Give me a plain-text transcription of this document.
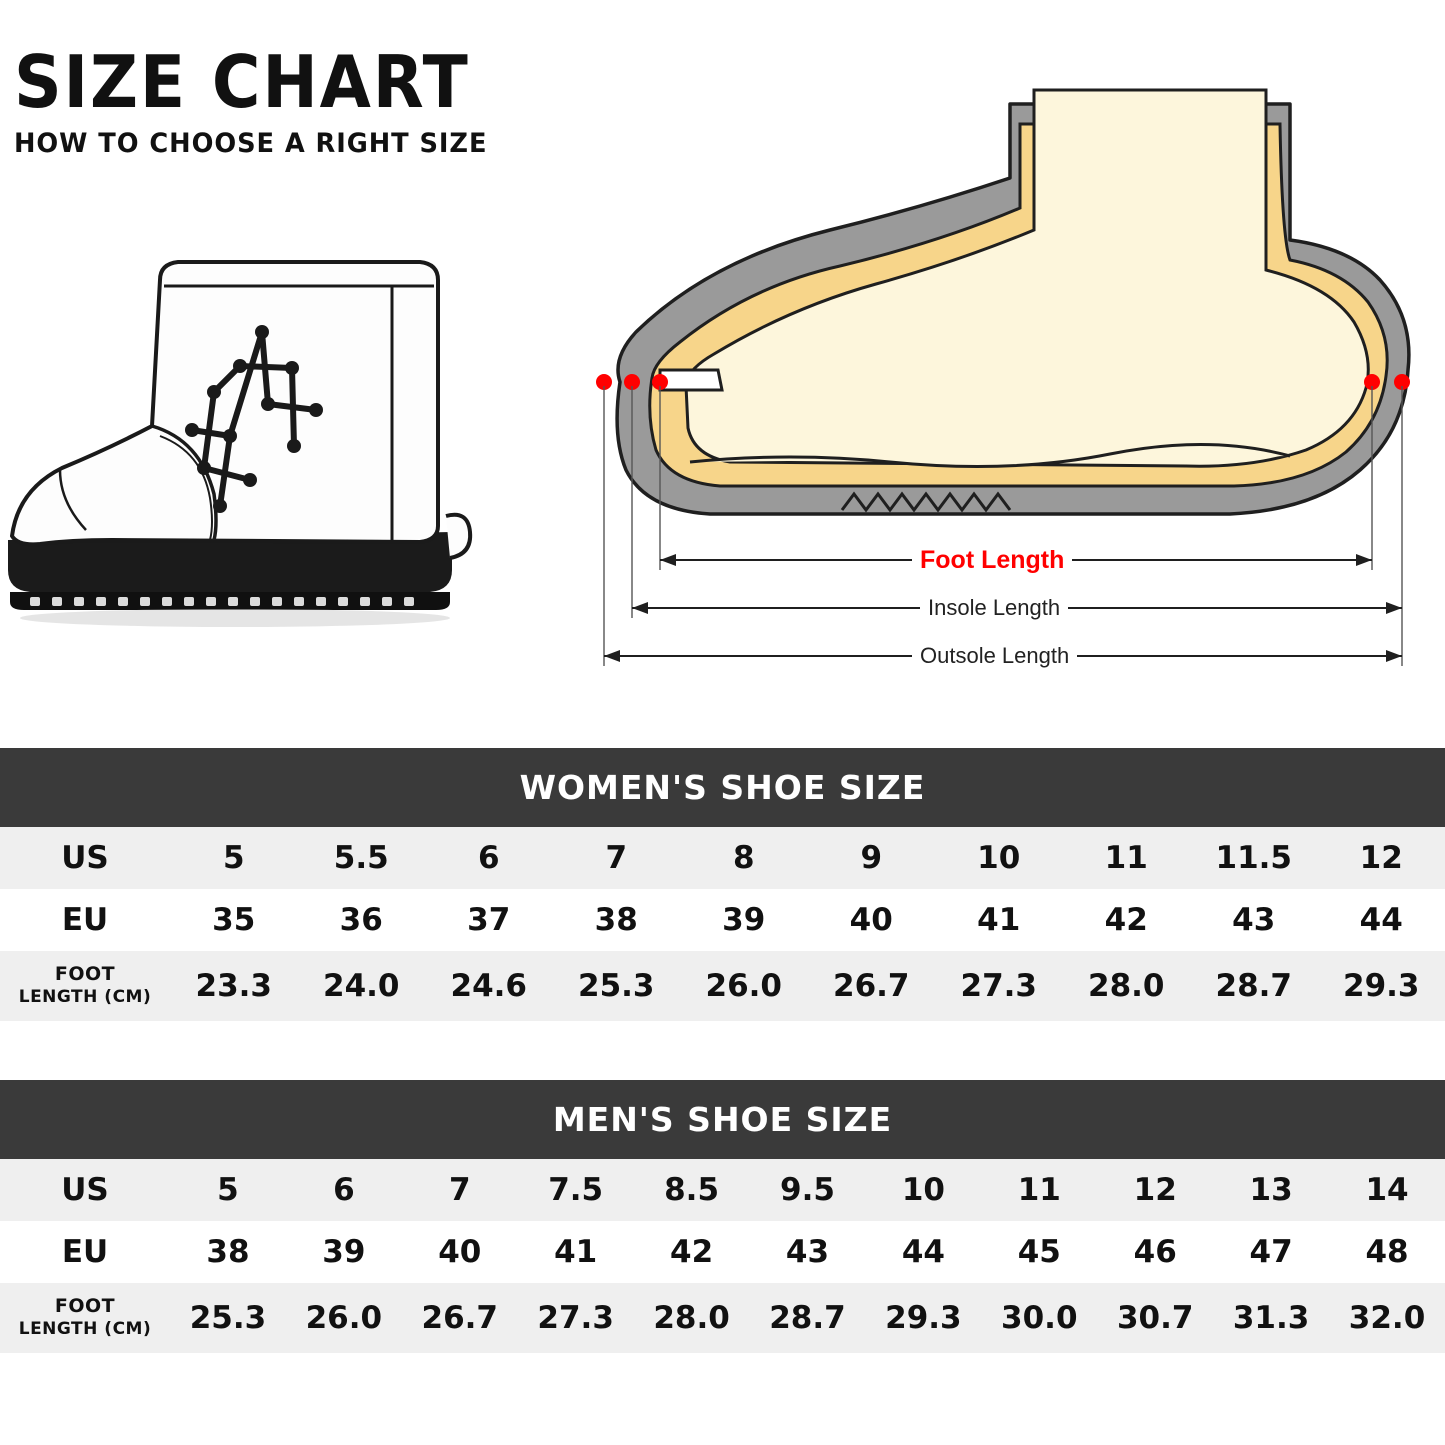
SIZE CHART
HOW TO CHOOSE A RIGHT SIZE
Foot Length
Insole Length
Outsole Length
WOMEN'S SHOE SIZE
US	5	5.5	6	7	8	9	10	11	11.5	12
EU	35	36	37	38	39	40	41	42	43	44
FOOT
LENGTH (CM)	23.3	24.0	24.6	25.3	26.0	26.7	27.3	28.0	28.7	29.3
MEN'S SHOE SIZE
US	5	6	7	7.5	8.5	9.5	10	11	12	13	14
EU	38	39	40	41	42	43	44	45	46	47	48
FOOT
LENGTH (CM)	25.3	26.0	26.7	27.3	28.0	28.7	29.3	30.0	30.7	31.3	32.0
